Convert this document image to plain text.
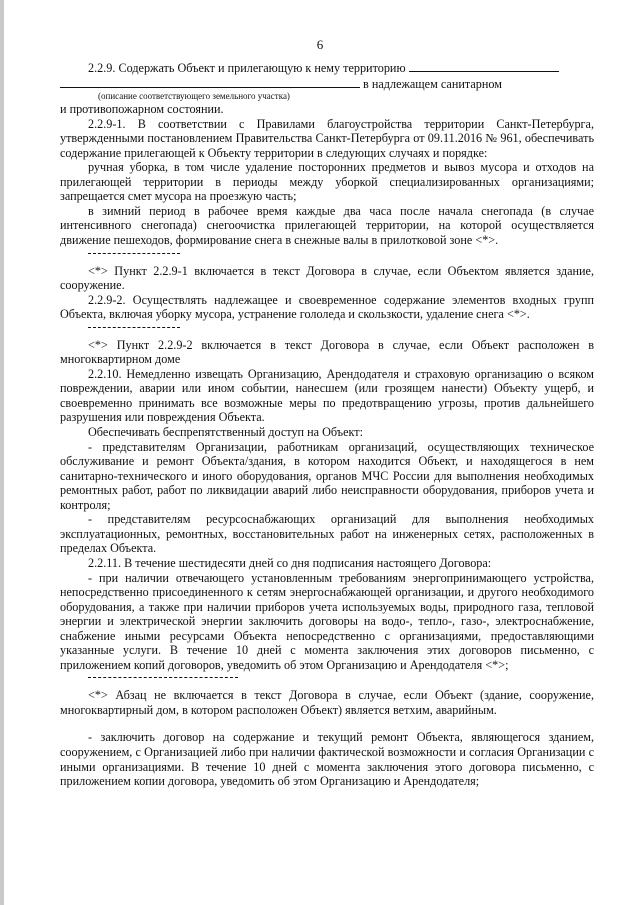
6

2.2.9. Содержать Объект и прилегающую к нему территорию

в надлежащем санитарном

(описание соответствующего земельного участка)

и противопожарном состоянии.

2.2.9-1. В соответствии с Правилами благоустройства территории Санкт-Петербурга, утвержденными постановлением Правительства Санкт-Петербурга от 09.11.2016 № 961, обеспечивать содержание прилегающей к Объекту территории в следующих случаях и порядке:

ручная уборка, в том числе удаление посторонних предметов и вывоз мусора и отходов на прилегающей территории в периоды между уборкой специализированных организациями; запрещается смет мусора на проезжую часть;

в зимний период в рабочее время каждые два часа после начала снегопада (в случае интенсивного снегопада) снегоочистка прилегающей территории, на которой осуществляется движение пешеходов, формирование снега в снежные валы в прилотковой зоне <*>.

<*> Пункт 2.2.9-1 включается в текст Договора в случае, если Объектом является здание, сооружение.

2.2.9-2. Осуществлять надлежащее и своевременное содержание элементов входных групп Объекта, включая уборку мусора, устранение гололеда и скользкости, удаление снега <*>.

<*> Пункт 2.2.9-2 включается в текст Договора в случае, если Объект расположен в многоквартирном доме

2.2.10. Немедленно извещать Организацию, Арендодателя и страховую организацию о всяком повреждении, аварии или ином событии, нанесшем (или грозящем нанести) Объекту ущерб, и своевременно принимать все возможные меры по предотвращению угрозы, против дальнейшего разрушения или повреждения Объекта.

Обеспечивать беспрепятственный доступ на Объект:

- представителям Организации, работникам организаций, осуществляющих техническое обслуживание и ремонт Объекта/здания, в котором находится Объект, и находящегося в нем санитарно-технического и иного оборудования, органов МЧС России для выполнения необходимых ремонтных работ, работ по ликвидации аварий либо неисправности оборудования, приборов учета и контроля;

- представителям ресурсоснабжающих организаций для выполнения необходимых эксплуатационных, ремонтных, восстановительных работ на инженерных сетях, расположенных в пределах Объекта.

2.2.11. В течение шестидесяти дней со дня подписания настоящего Договора:

- при наличии отвечающего установленным требованиям энергопринимающего устройства, непосредственно присоединенного к сетям энергоснабжающей организации, и другого необходимого оборудования, а также при наличии приборов учета используемых воды, природного газа, тепловой энергии и электрической энергии заключить договоры на водо-, тепло-, газо-, электроснабжение, снабжение иными ресурсами Объекта непосредственно с организациями, предоставляющими указанные услуги. В течение 10 дней с момента заключения этих договоров письменно, с приложением копий договоров, уведомить об этом Организацию и Арендодателя <*>;

<*> Абзац не включается в текст Договора в случае, если Объект (здание, сооружение, многоквартирный дом, в котором расположен Объект) является ветхим, аварийным.

- заключить договор на содержание и текущий ремонт Объекта, являющегося зданием, сооружением, с Организацией либо при наличии фактической возможности и согласия Организации с иными организациями. В течение 10 дней с момента заключения этого договора письменно, с приложением копии договора, уведомить об этом Организацию и Арендодателя;
